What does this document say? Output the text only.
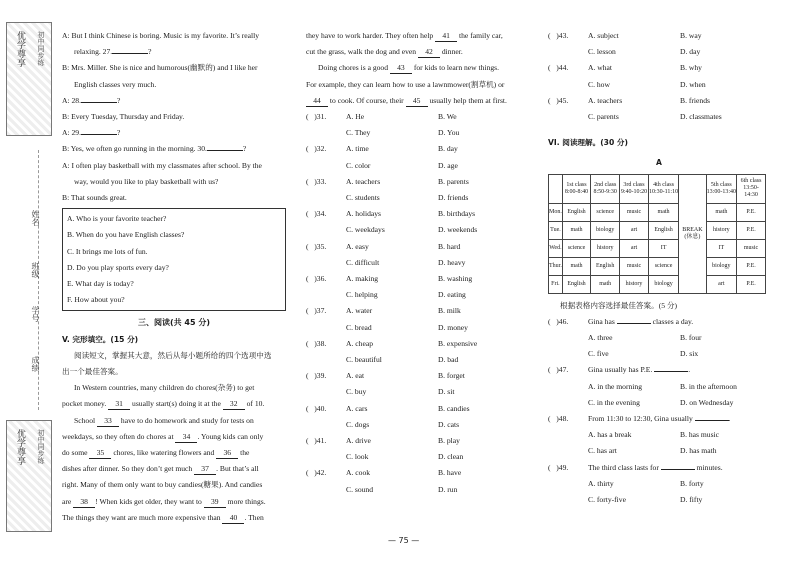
优学尊享	初中同步练
姓名
班级
学号
成绩
优学尊享	初中同步练
A: But I think Chinese is boring. Music is my favorite. It’s really
relaxing. 27.	?
B: Mrs. Miller. She is nice and humorous(幽默的) and I like her
English classes very much.
A: 28.	?
B: Every Tuesday, Thursday and Friday.
A: 29.	?
B: Yes, we often go running in the morning. 30.	?
A: I often play basketball with my classmates after school. By the
way, would you like to play basketball with us?
B: That sounds great.
A. Who is your favorite teacher?
B. When do you have English classes?
C. It brings me lots of fun.
D. Do you play sports every day?
E. What day is today?
F. How about you?
三、阅读(共 45 分)
V. 完形填空。(15 分)
阅读短文，掌握其大意，然后从每小题所给的四个选项中选
出一个最佳答案。
In Western countries, many children do chores(杂务) to get
pocket money. 31 usually start(s) doing it at the 32 of 10.
School 33 have to do homework and study for tests on
weekdays, so they often do chores at 34 . Young kids can only
do some 35 chores, like watering flowers and 36 the
dishes after dinner. So they don’t get much 37 . But that’s all
right. Many of them only want to buy candies(糖果). And candies
are 38 ! When kids get older, they want to 39 more things.
The things they want are much more expensive than 40 . Then
they have to work harder. They often help 41 the family car,
cut the grass, walk the dog and even 42 dinner.
Doing chores is a good 43 for kids to learn new things.
For example, they can learn how to use a lawnmower(割草机) or
44 to cook. Of course, their 45 usually help them at first.
(   )31.	A. He	B. We
C. They	D. You
(   )32.	A. time	B. day
C. color	D. age
(   )33.	A. teachers	B. parents
C. students	D. friends
(   )34.	A. holidays	B. birthdays
C. weekdays	D. weekends
(   )35.	A. easy	B. hard
C. difficult	D. heavy
(   )36.	A. making	B. washing
C. helping	D. eating
(   )37.	A. water	B. milk
C. bread	D. money
(   )38.	A. cheap	B. expensive
C. beautiful	D. bad
(   )39.	A. eat	B. forget
C. buy	D. sit
(   )40.	A. cars	B. candies
C. dogs	D. cats
(   )41.	A. drive	B. play
C. look	D. clean
(   )42.	A. cook	B. have
C. sound	D. run
(   )43.	A. subject	B. way
C. lesson	D. day
(   )44.	A. what	B. why
C. how	D. when
(   )45.	A. teachers	B. friends
C. parents	D. classmates
VI. 阅读理解。(30 分)
A
	1st class 8:00-8:40	2nd class 8:50-9:30	3rd class 9:40-10:20	4th class 10:30-11:10	BREAK (休息)	5th class 13:00-13:40	6th class 13:50-14:30
Mon.	English	science	music	math		math	P.E.
Tue.	math	biology	art	English		history	P.E.
Wed.	science	history	art	IT		IT	music
Thur.	math	English	music	science		biology	P.E.
Fri.	English	math	history	biology		art	P.E.
根据表格内容选择最佳答案。(5 分)
(   )46.	Gina has	classes a day.
A. three	B. four
C. five	D. six
(   )47.	Gina usually has P.E.	.
A. in the morning	B. in the afternoon
C. in the evening	D. on Wednesday
(   )48.	From 11:30 to 12:30, Gina usually	.
A. has a break	B. has music
C. has art	D. has math
(   )49.	The third class lasts for	minutes.
A. thirty	B. forty
C. forty-five	D. fifty
— 75 —
